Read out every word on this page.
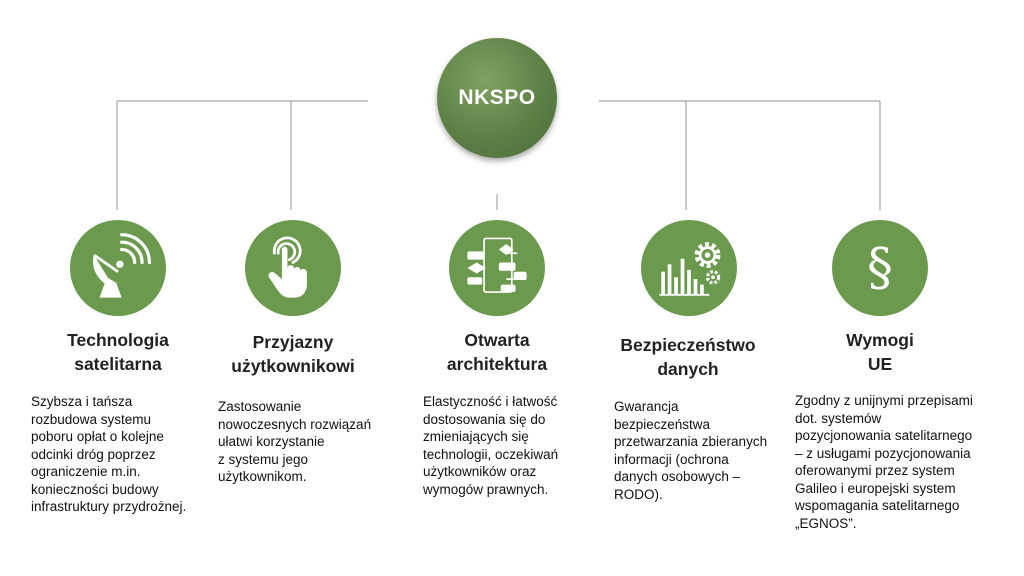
NKSPO
Technologia
satelitarna
Szybsza i tańsza
rozbudowa systemu
poboru opłat o kolejne
odcinki dróg poprzez
ograniczenie m.in.
konieczności budowy
infrastruktury przydrożnej.
Przyjazny
użytkownikowi
Zastosowanie
nowoczesnych rozwiązań
ułatwi korzystanie
z systemu jego
użytkownikom.
Otwarta
architektura
Elastyczność i łatwość
dostosowania się do
zmieniających się
technologii, oczekiwań
użytkowników oraz
wymogów prawnych.
Bezpieczeństwo
danych
Gwarancja
bezpieczeństwa
przetwarzania zbieranych
informacji (ochrona
danych osobowych –
RODO).
§
Wymogi
UE
Zgodny z unijnymi przepisami
dot. systemów
pozycjonowania satelitarnego
– z usługami pozycjonowania
oferowanymi przez system
Galileo i europejski system
wspomagania satelitarnego
„EGNOS”.
